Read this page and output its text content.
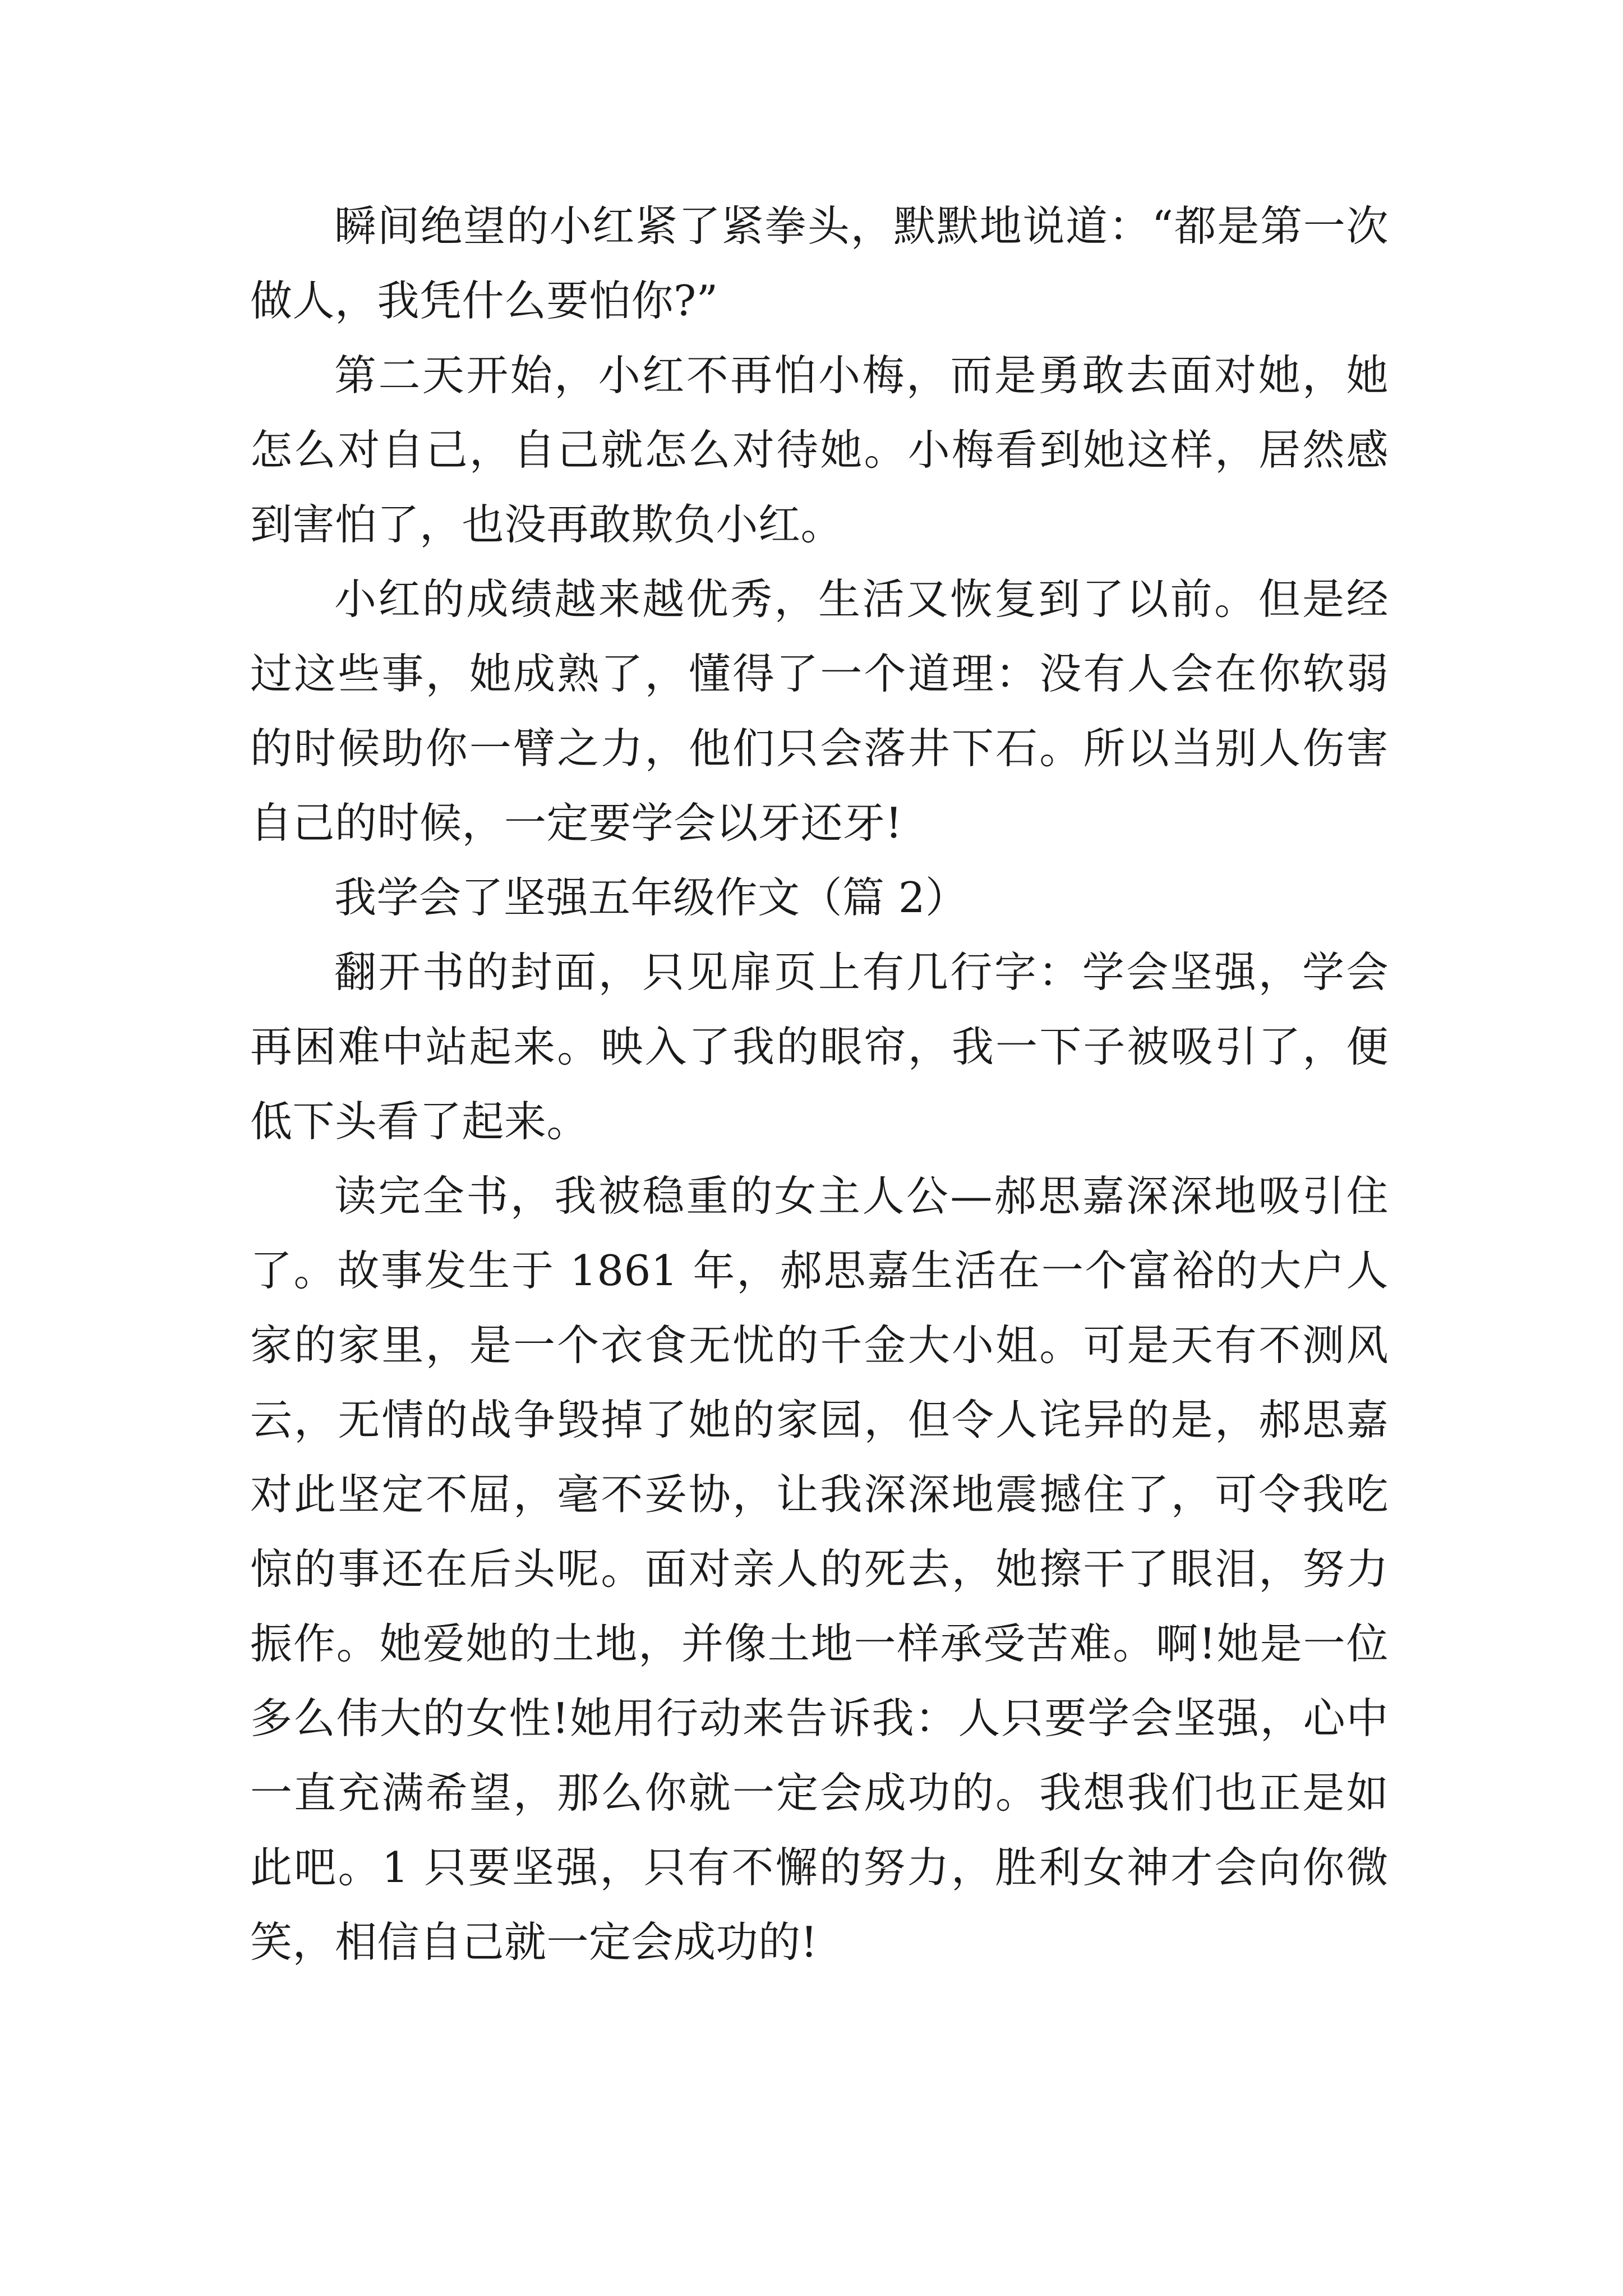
瞬间绝望的小红紧了紧拳头，默默地说道：“都是第一次做人，我凭什么要怕你?”

第二天开始，小红不再怕小梅，而是勇敢去面对她，她怎么对自己，自己就怎么对待她。小梅看到她这样，居然感到害怕了，也没再敢欺负小红。

小红的成绩越来越优秀，生活又恢复到了以前。但是经过这些事，她成熟了，懂得了一个道理：没有人会在你软弱的时候助你一臂之力，他们只会落井下石。所以当别人伤害自己的时候，一定要学会以牙还牙!

我学会了坚强五年级作文（篇 2）

翻开书的封面，只见扉页上有几行字：学会坚强，学会再困难中站起来。映入了我的眼帘，我一下子被吸引了，便低下头看了起来。

读完全书，我被稳重的女主人公—郝思嘉深深地吸引住了。故事发生于 1861 年，郝思嘉生活在一个富裕的大户人家的家里，是一个衣食无忧的千金大小姐。可是天有不测风云，无情的战争毁掉了她的家园，但令人诧异的是，郝思嘉对此坚定不屈，毫不妥协，让我深深地震撼住了，可令我吃惊的事还在后头呢。面对亲人的死去，她擦干了眼泪，努力振作。她爱她的土地，并像土地一样承受苦难。啊!她是一位多么伟大的女性!她用行动来告诉我：人只要学会坚强，心中一直充满希望，那么你就一定会成功的。我想我们也正是如此吧。1 只要坚强，只有不懈的努力，胜利女神才会向你微笑，相信自己就一定会成功的!
